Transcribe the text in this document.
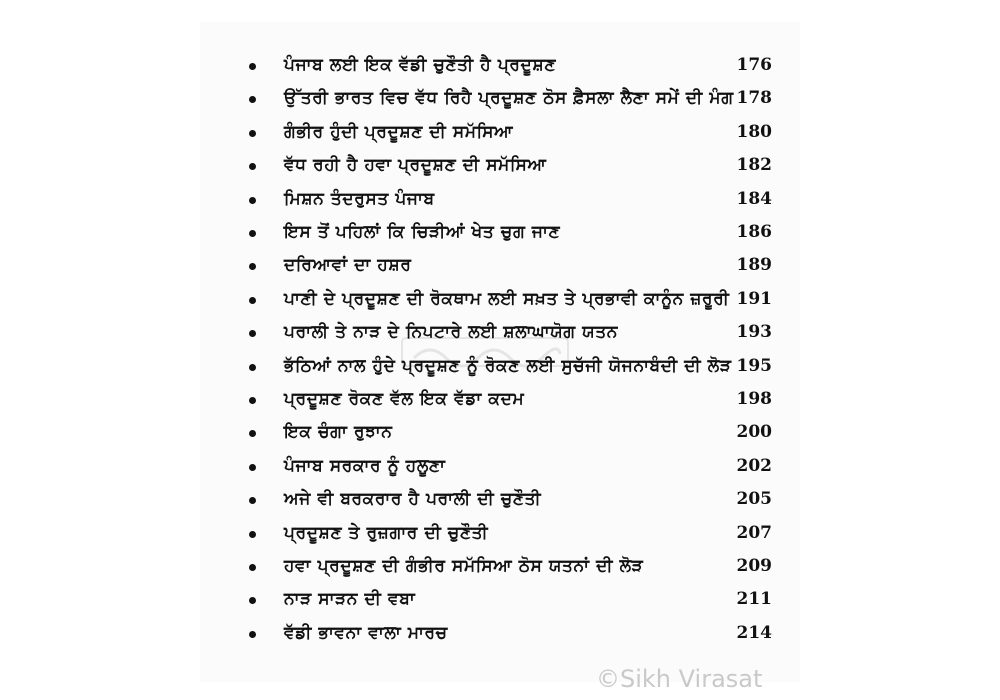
ਪੰਜਾਬ ਲਈ ਇਕ ਵੱਡੀ ਚੁਣੌਤੀ ਹੈ ਪ੍ਰਦੂਸ਼ਣ	176
ਉੱਤਰੀ ਭਾਰਤ ਵਿਚ ਵੱਧ ਰਿਹੈ ਪ੍ਰਦੂਸ਼ਣ ਠੋਸ ਫ਼ੈਸਲਾ ਲੈਣਾ ਸਮੇਂ ਦੀ ਮੰਗ 178
ਗੰਭੀਰ ਹੁੰਦੀ ਪ੍ਰਦੂਸ਼ਣ ਦੀ ਸਮੱਸਿਆ	180
ਵੱਧ ਰਹੀ ਹੈ ਹਵਾ ਪ੍ਰਦੂਸ਼ਣ ਦੀ ਸਮੱਸਿਆ	182
ਮਿਸ਼ਨ ਤੰਦਰੁਸਤ ਪੰਜਾਬ	184
ਇਸ ਤੋਂ ਪਹਿਲਾਂ ਕਿ ਚਿੜੀਆਂ ਖੇਤ ਚੁਗ ਜਾਣ	186
ਦਰਿਆਵਾਂ ਦਾ ਹਸ਼ਰ	189
ਪਾਣੀ ਦੇ ਪ੍ਰਦੂਸ਼ਣ ਦੀ ਰੋਕਥਾਮ ਲਈ ਸਖ਼ਤ ਤੇ ਪ੍ਰਭਾਵੀ ਕਾਨੂੰਨ ਜ਼ਰੂਰੀ 191
ਪਰਾਲੀ ਤੇ ਨਾੜ ਦੇ ਨਿਪਟਾਰੇ ਲਈ ਸ਼ਲਾਘਾਯੋਗ ਯਤਨ	193
ਭੱਠਿਆਂ ਨਾਲ ਹੁੰਦੇ ਪ੍ਰਦੂਸ਼ਣ ਨੂੰ ਰੋਕਣ ਲਈ ਸੁਚੱਜੀ ਯੋਜਨਾਬੰਦੀ ਦੀ ਲੋੜ 195
ਪ੍ਰਦੂਸ਼ਣ ਰੋਕਣ ਵੱਲ ਇਕ ਵੱਡਾ ਕਦਮ	198
ਇਕ ਚੰਗਾ ਰੁਝਾਨ	200
ਪੰਜਾਬ ਸਰਕਾਰ ਨੂੰ ਹਲੂਣਾ	202
ਅਜੇ ਵੀ ਬਰਕਰਾਰ ਹੈ ਪਰਾਲੀ ਦੀ ਚੁਣੌਤੀ	205
ਪ੍ਰਦੂਸ਼ਣ ਤੇ ਰੁਜ਼ਗਾਰ ਦੀ ਚੁਣੌਤੀ	207
ਹਵਾ ਪ੍ਰਦੂਸ਼ਣ ਦੀ ਗੰਭੀਰ ਸਮੱਸਿਆ ਠੋਸ ਯਤਨਾਂ ਦੀ ਲੋੜ	209
ਨਾੜ ਸਾੜਨ ਦੀ ਵਬਾ	211
ਵੱਡੀ ਭਾਵਨਾ ਵਾਲਾ ਮਾਰਚ	214
©Sikh Virasat
